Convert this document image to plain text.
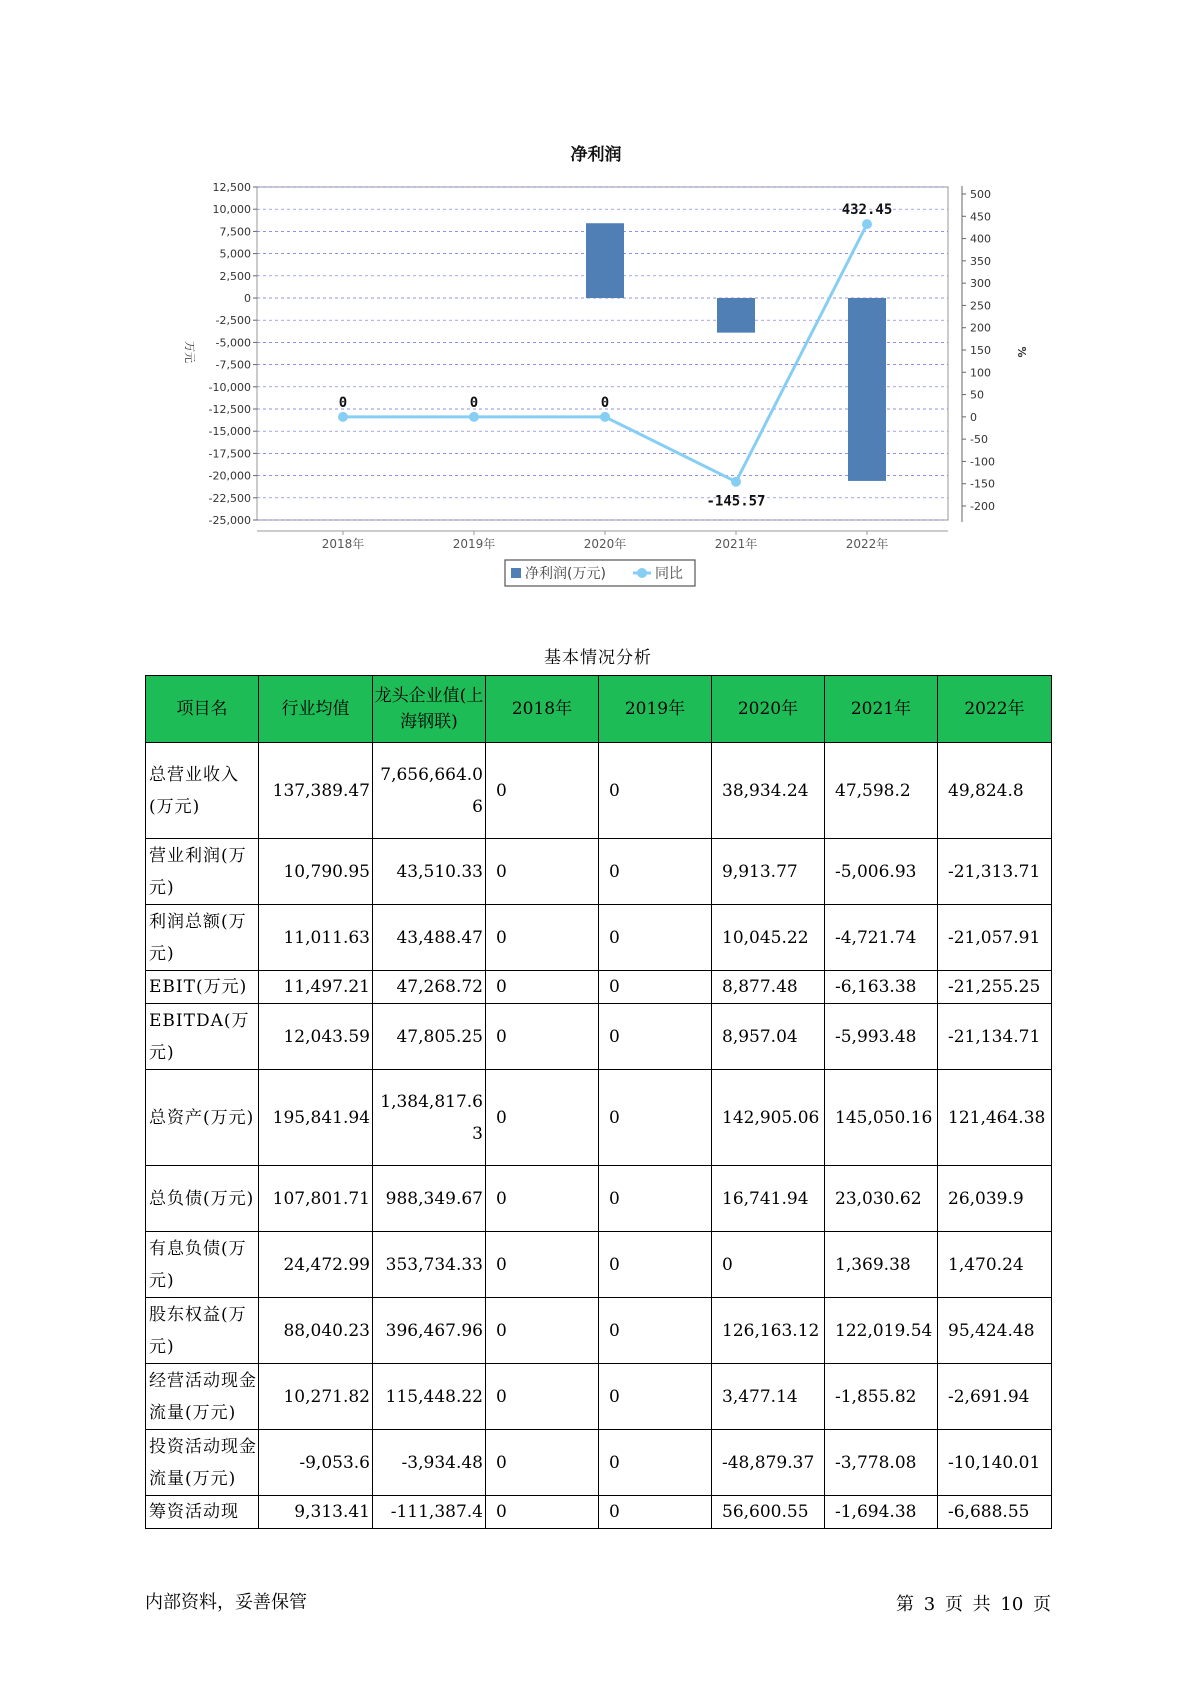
净利润
12,500
10,000
7,500
5,000
2,500
0
-2,500
-5,000
-7,500
-10,000
-12,500
-15,000
-17,500
-20,000
-22,500
-25,000
万元
500
450
400
350
300
250
200
150
100
50
0
-50
-100
-150
-200
%
2018年	2019年	2020年	2021年	2022年
0	0	0
-145.57
432.45
净利润(万元)	同比
基本情况分析
项目名	行业均值	龙头企业值(上海钢联)	2018年	2019年	2020年	2021年	2022年

总营业收入(万元)	137,389.47	7,656,664.06	0	0	38,934.24	47,598.2	49,824.8

营业利润(万元)	10,790.95	43,510.33	0	0	9,913.77	-5,006.93	-21,313.71

利润总额(万元)	11,011.63	43,488.47	0	0	10,045.22	-4,721.74	-21,057.91

EBIT(万元)	11,497.21	47,268.72	0	0	8,877.48	-6,163.38	-21,255.25

EBITDA(万元)	12,043.59	47,805.25	0	0	8,957.04	-5,993.48	-21,134.71

总资产(万元)	195,841.94	1,384,817.63	0	0	142,905.06	145,050.16	121,464.38

总负债(万元)	107,801.71	988,349.67	0	0	16,741.94	23,030.62	26,039.9

有息负债(万元)	24,472.99	353,734.33	0	0	0	1,369.38	1,470.24

股东权益(万元)	88,040.23	396,467.96	0	0	126,163.12	122,019.54	95,424.48

经营活动现金流量(万元)	10,271.82	115,448.22	0	0	3,477.14	-1,855.82	-2,691.94

投资活动现金流量(万元)	-9,053.6	-3,934.48	0	0	-48,879.37	-3,778.08	-10,140.01

筹资活动现	9,313.41	-111,387.4	0	0	56,600.55	-1,694.38	-6,688.55
内部资料，妥善保管	第 3 页 共 10 页
